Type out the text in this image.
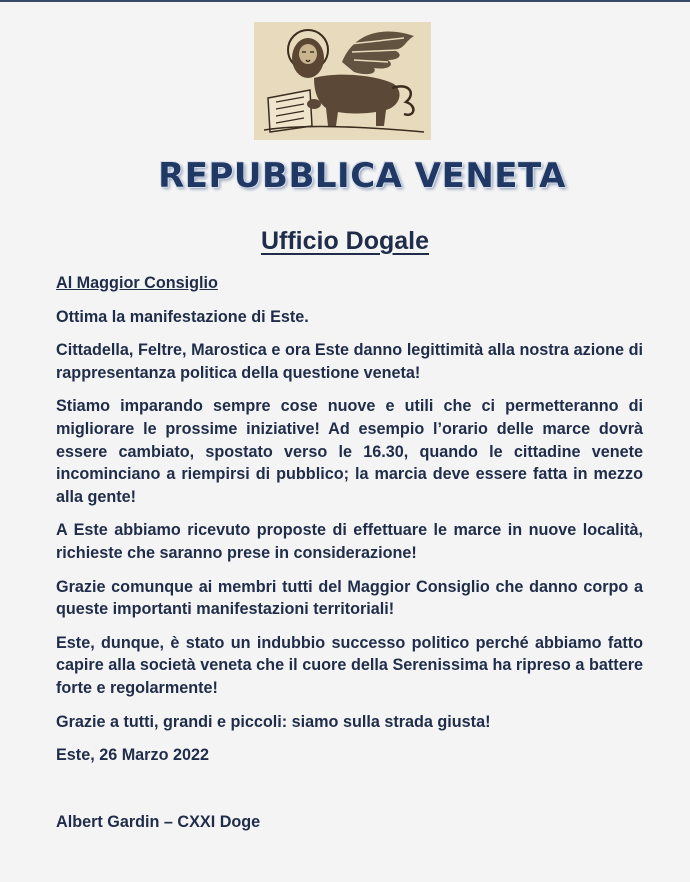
REPUBBLICA VENETA
Ufficio Dogale

Al Maggior Consiglio

Ottima la manifestazione di Este.

Cittadella, Feltre, Marostica e ora Este danno legittimità alla nostra azione di rappresentanza politica della questione veneta!

Stiamo imparando sempre cose nuove e utili che ci permetteranno di migliorare le prossime iniziative! Ad esempio l’orario delle marce dovrà essere cambiato, spostato verso le 16.30, quando le cittadine venete incominciano a riempirsi di pubblico; la marcia deve essere fatta in mezzo alla gente!

A Este abbiamo ricevuto proposte di effettuare le marce in nuove località, richieste che saranno prese in considerazione!

Grazie comunque ai membri tutti del Maggior Consiglio che danno corpo a queste importanti manifestazioni territoriali!

Este, dunque, è stato un indubbio successo politico perché abbiamo fatto capire alla società veneta che il cuore della Serenissima ha ripreso a battere forte e regolarmente!

Grazie a tutti, grandi e piccoli: siamo sulla strada giusta!

Este, 26 Marzo 2022

Albert Gardin – CXXI Doge
